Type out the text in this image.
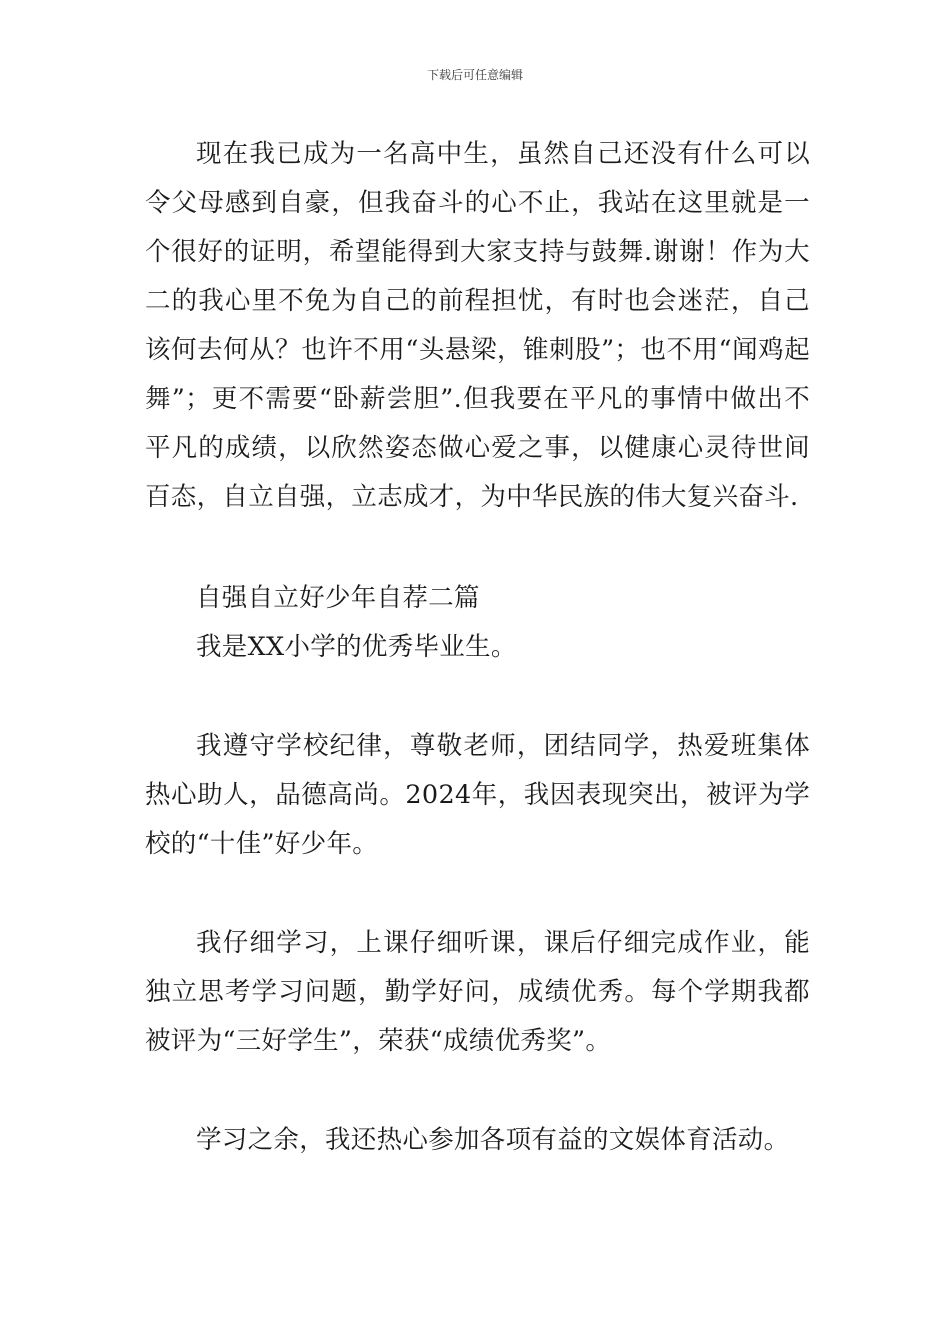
下载后可任意编辑

现在我已成为一名高中生，虽然自己还没有什么可以令父母感到自豪，但我奋斗的心不止，我站在这里就是一个很好的证明，希望能得到大家支持与鼓舞.谢谢！作为大二的我心里不免为自己的前程担忧，有时也会迷茫，自己该何去何从？也许不用“头悬梁，锥刺股”；也不用“闻鸡起舞”；更不需要“卧薪尝胆”.但我要在平凡的事情中做出不平凡的成绩，以欣然姿态做心爱之事，以健康心灵待世间百态，自立自强，立志成才，为中华民族的伟大复兴奋斗.

自强自立好少年自荐二篇

我是XX小学的优秀毕业生。

我遵守学校纪律，尊敬老师，团结同学，热爱班集体热心助人，品德高尚。2024年，我因表现突出，被评为学校的“十佳”好少年。

我仔细学习，上课仔细听课，课后仔细完成作业，能独立思考学习问题，勤学好问，成绩优秀。每个学期我都被评为“三好学生”，荣获“成绩优秀奖”。

学习之余，我还热心参加各项有益的文娱体育活动。
